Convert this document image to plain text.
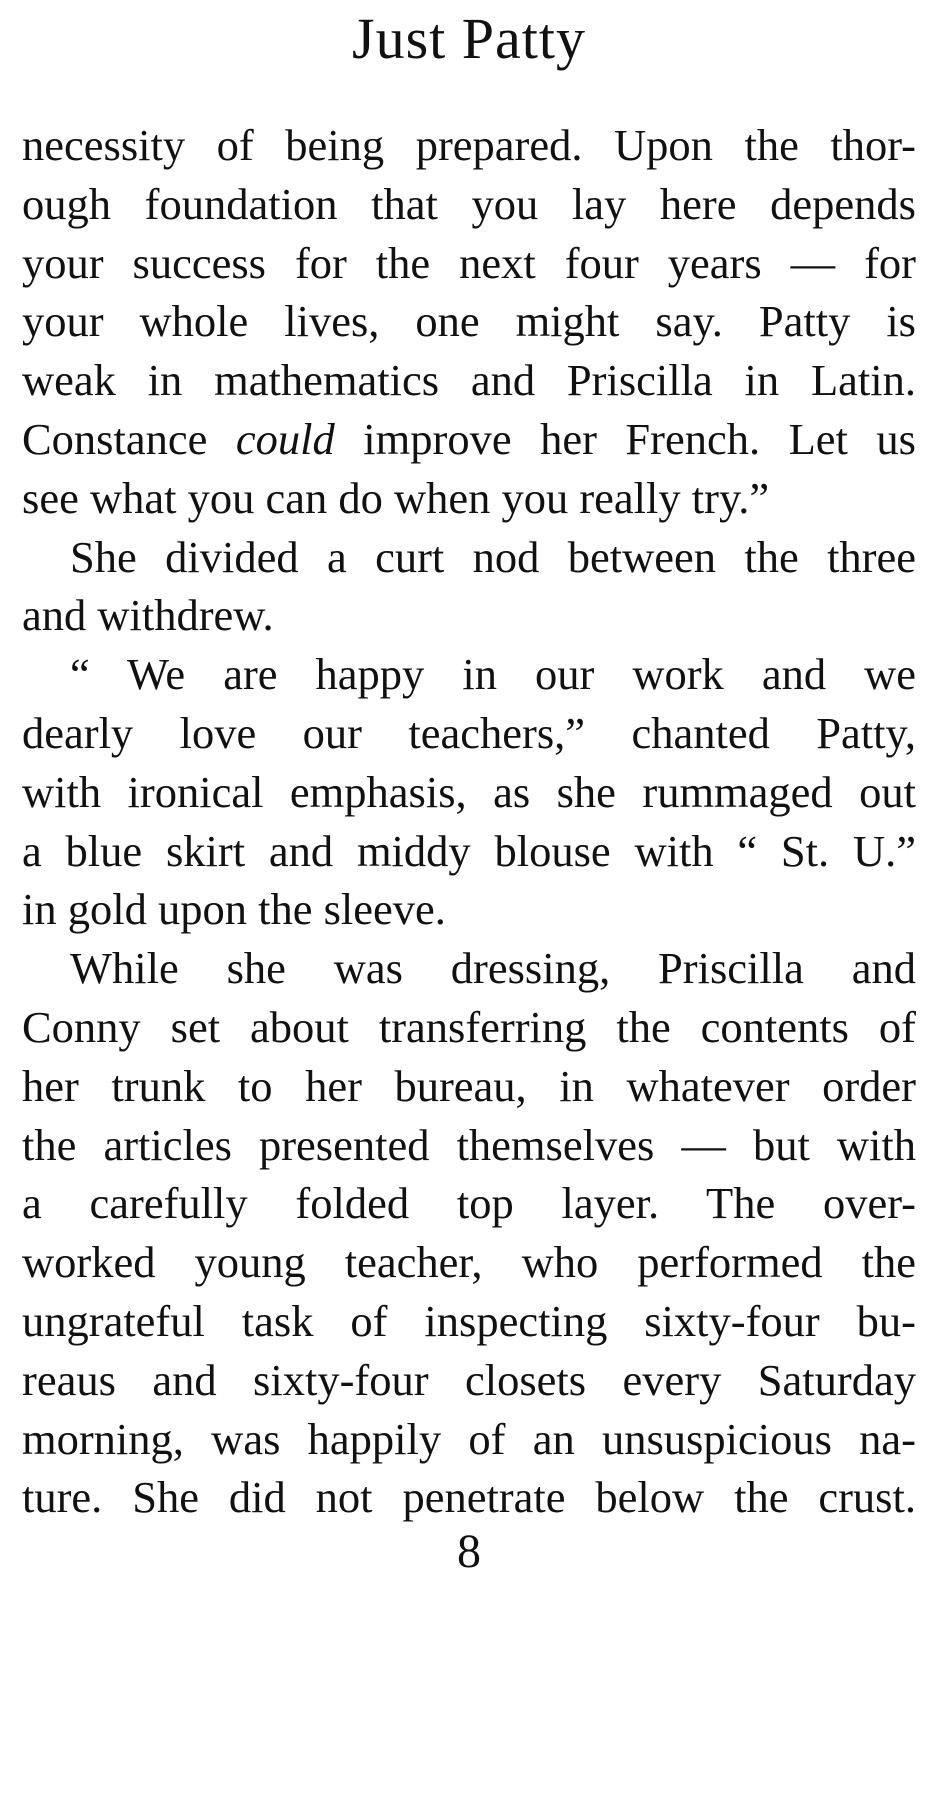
Just Patty
necessity of being prepared. Upon the thor-
ough foundation that you lay here depends
your success for the next four years — for
your whole lives, one might say. Patty is
weak in mathematics and Priscilla in Latin.
Constance could improve her French. Let us
see what you can do when you really try.”
She divided a curt nod between the three
and withdrew.
“ We are happy in our work and we
dearly love our teachers,” chanted Patty,
with ironical emphasis, as she rummaged out
a blue skirt and middy blouse with “ St. U.”
in gold upon the sleeve.
While she was dressing, Priscilla and
Conny set about transferring the contents of
her trunk to her bureau, in whatever order
the articles presented themselves — but with
a carefully folded top layer. The over-
worked young teacher, who performed the
ungrateful task of inspecting sixty-four bu-
reaus and sixty-four closets every Saturday
morning, was happily of an unsuspicious na-
ture. She did not penetrate below the crust.
8
